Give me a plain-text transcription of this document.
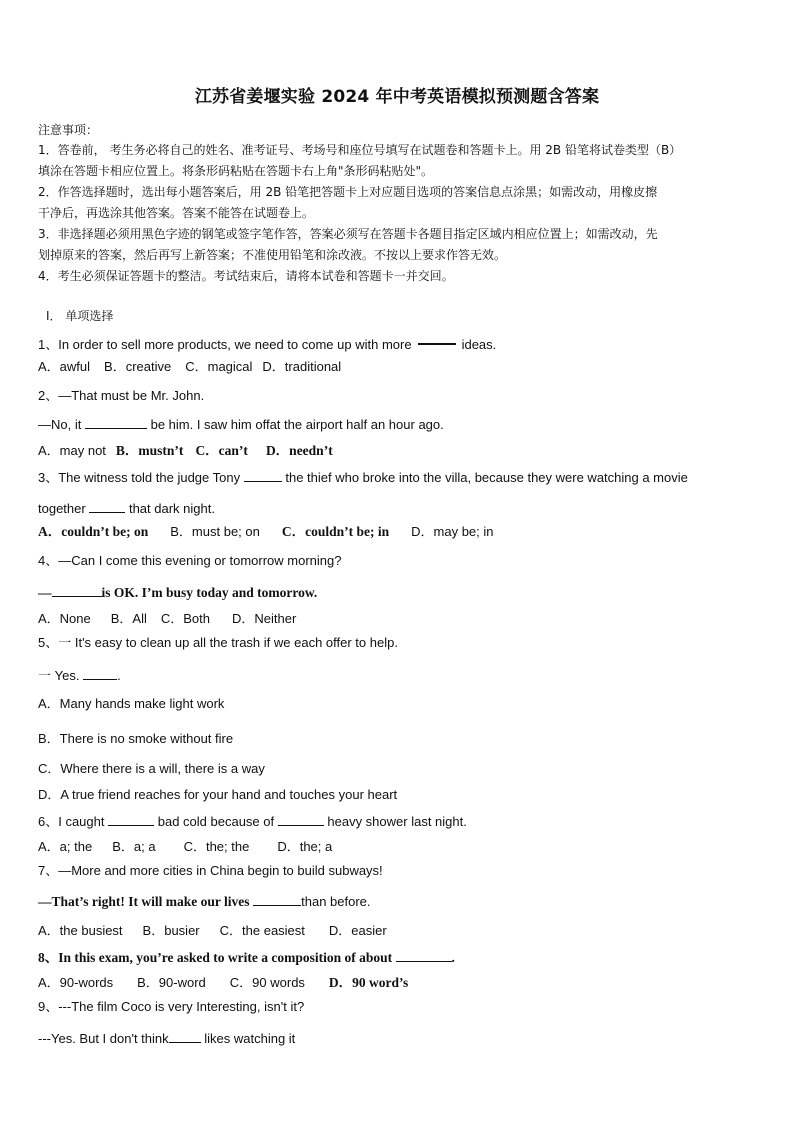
江苏省姜堰实验 2024 年中考英语模拟预测题含答案
注意事项：
1．答卷前， 考生务必将自己的姓名、准考证号、考场号和座位号填写在试题卷和答题卡上。用 2B 铅笔将试卷类型（B）
填涂在答题卡相应位置上。将条形码粘贴在答题卡右上角"条形码粘贴处"。
2．作答选择题时，选出每小题答案后，用 2B 铅笔把答题卡上对应题目选项的答案信息点涂黑；如需改动，用橡皮擦
干净后，再选涂其他答案。答案不能答在试题卷上。
3．非选择题必须用黑色字迹的钢笔或签字笔作答，答案必须写在答题卡各题目指定区域内相应位置上；如需改动，先
划掉原来的答案，然后再写上新答案；不准使用铅笔和涂改液。不按以上要求作答无效。
4．考生必须保证答题卡的整洁。考试结束后，请将本试卷和答题卡一并交回。
Ⅰ． 单项选择
1、In order to sell more products, we need to come up with more	ideas.
A．awful B．creative C．magical D．traditional
2、—That must be Mr. John.
—No, it	be him. I saw him offat the airport half an hour ago.
A．may not B．mustn’t C．can’t D．needn’t
3、The witness told the judge Tony	the thief who broke into the villa, because they were watching a movie
together	that dark night.
A．couldn’t be; on B．must be; on C．couldn’t be; in D．may be; in
4、—Can I come this evening or tomorrow morning?
—	is OK. I’m busy today and tomorrow.
A．None B．All C．Both D．Neither
5、一 It's easy to clean up all the trash if we each offer to help.
一 Yes.	.
A．Many hands make light work
B．There is no smoke without fire
C．Where there is a will, there is a way
D．A true friend reaches for your hand and touches your heart
6、I caught	bad cold because of	heavy shower last night.
A．a; the B．a; a C．the; the D．the; a
7、—More and more cities in China begin to build subways!
—That’s right! It will make our lives	than before.
A．the busiest B．busier C．the easiest D．easier
8、In this exam, you’re asked to write a composition of about	.
A．90-words B．90-word C．90 words D．90 word’s
9、---The film Coco is very Interesting, isn't it?
---Yes. But I don't think	likes watching it
